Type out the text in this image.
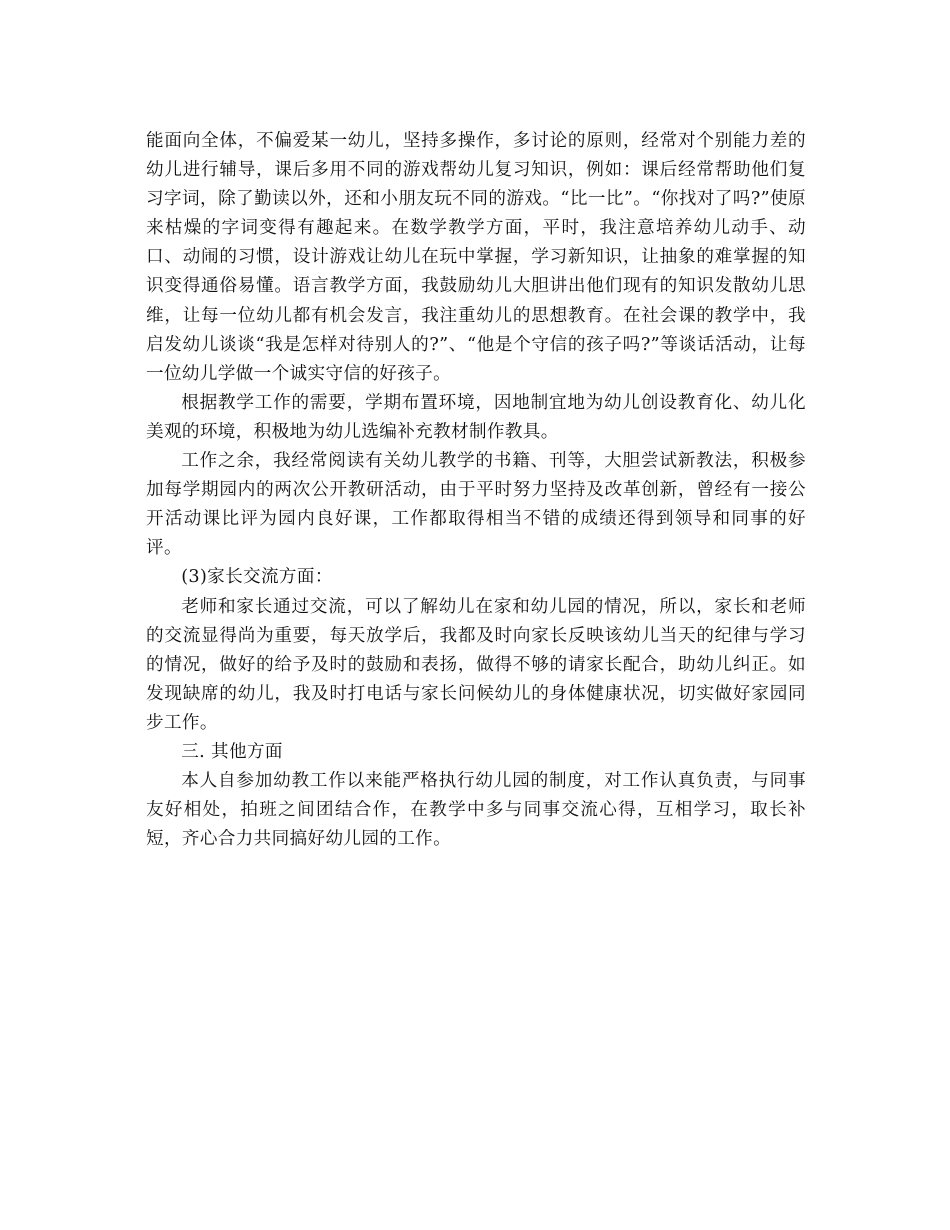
能面向全体，不偏爱某一幼儿，坚持多操作，多讨论的原则，经常对个别能力差的幼儿进行辅导，课后多用不同的游戏帮幼儿复习知识，例如：课后经常帮助他们复习字词，除了勤读以外，还和小朋友玩不同的游戏。“比一比”。“你找对了吗?”使原来枯燥的字词变得有趣起来。在数学教学方面，平时，我注意培养幼儿动手、动口、动闹的习惯，设计游戏让幼儿在玩中掌握，学习新知识，让抽象的难掌握的知识变得通俗易懂。语言教学方面，我鼓励幼儿大胆讲出他们现有的知识发散幼儿思维，让每一位幼儿都有机会发言，我注重幼儿的思想教育。在社会课的教学中，我启发幼儿谈谈“我是怎样对待别人的?”、“他是个守信的孩子吗?”等谈话活动，让每一位幼儿学做一个诚实守信的好孩子。

根据教学工作的需要，学期布置环境，因地制宜地为幼儿创设教育化、幼儿化美观的环境，积极地为幼儿选编补充教材制作教具。

工作之余，我经常阅读有关幼儿教学的书籍、刊等，大胆尝试新教法，积极参加每学期园内的两次公开教研活动，由于平时努力坚持及改革创新，曾经有一接公开活动课比评为园内良好课，工作都取得相当不错的成绩还得到领导和同事的好评。

(3)家长交流方面：

老师和家长通过交流，可以了解幼儿在家和幼儿园的情况，所以，家长和老师的交流显得尚为重要，每天放学后，我都及时向家长反映该幼儿当天的纪律与学习的情况，做好的给予及时的鼓励和表扬，做得不够的请家长配合，助幼儿纠正。如发现缺席的幼儿，我及时打电话与家长问候幼儿的身体健康状况，切实做好家园同步工作。

三. 其他方面

本人自参加幼教工作以来能严格执行幼儿园的制度，对工作认真负责，与同事友好相处，拍班之间团结合作，在教学中多与同事交流心得，互相学习，取长补短，齐心合力共同搞好幼儿园的工作。
